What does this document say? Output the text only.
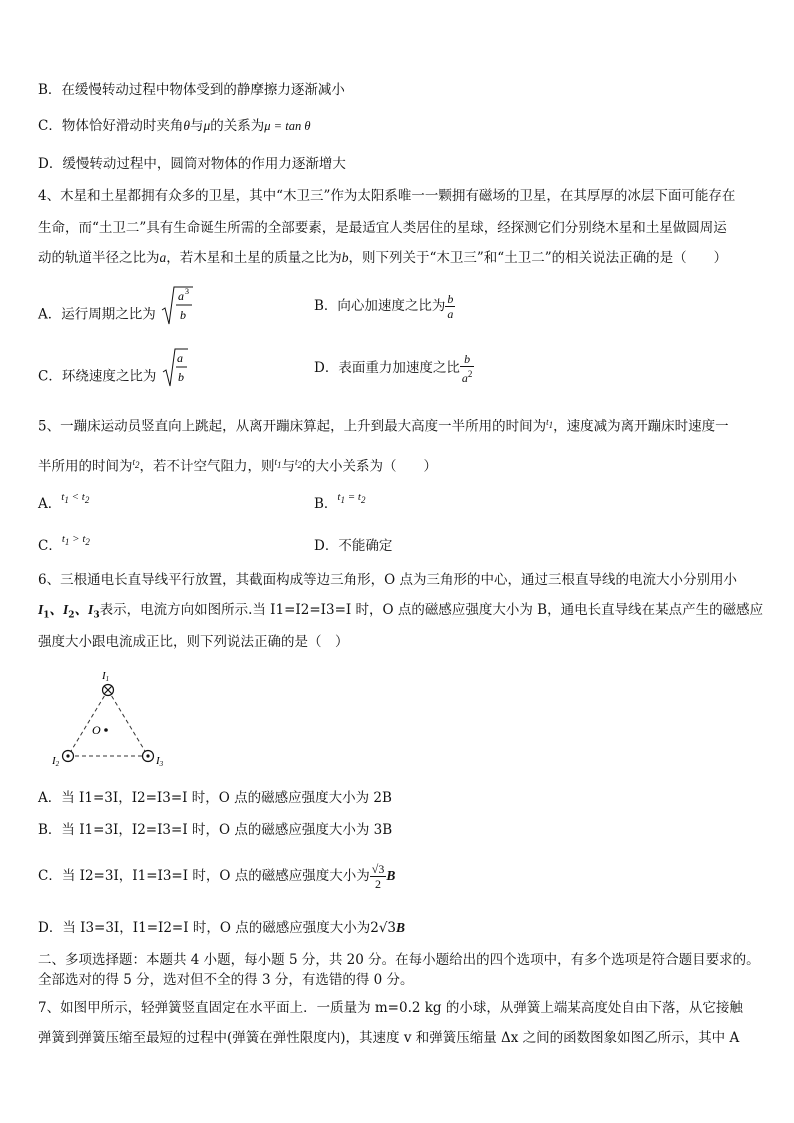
B．在缓慢转动过程中物体受到的静摩擦力逐渐减小
C．物体恰好滑动时夹角θ与μ的关系为μ = tan θ
D．缓慢转动过程中，圆筒对物体的作用力逐渐增大
4、木星和土星都拥有众多的卫星，其中“木卫三”作为太阳系唯一一颗拥有磁场的卫星，在其厚厚的冰层下面可能存在
生命，而“土卫二”具有生命诞生所需的全部要素，是最适宜人类居住的星球，经探测它们分别绕木星和土星做圆周运
动的轨道半径之比为a，若木星和土星的质量之比为b，则下列关于“木卫三”和“土卫二”的相关说法正确的是（　　）
A．运行周期之比为
a 3
b
B．向心加速度之比为 $\frac{b}{a}$
C．环绕速度之比为
a
b
D．表面重力加速度之比 $\frac{b}{a^2}$
5、一蹦床运动员竖直向上跳起，从离开蹦床算起，上升到最大高度一半所用的时间为$^{t_1}$，速度减为离开蹦床时速度一
半所用的时间为$^{t_2}$，若不计空气阻力，则$^{t_1}$与$^{t_2}$的大小关系为（　　）
A．$^{t_1 < t_2}$	B．$^{t_1 = t_2}$
C．$^{t_1 > t_2}$	D．不能确定
6、三根通电长直导线平行放置，其截面构成等边三角形，O 点为三角形的中心，通过三根直导线的电流大小分别用小
$I_1$、$I_2$、$I_3$表示，电流方向如图所示.当 I1=I2=I3=I 时，O 点的磁感应强度大小为 B，通电长直导线在某点产生的磁感应
强度大小跟电流成正比，则下列说法正确的是（　）
O
I1
I2	I3
A．当 I1=3I，I2=I3=I 时，O 点的磁感应强度大小为 2B
B．当 I1=3I，I2=I3=I 时，O 点的磁感应强度大小为 3B
C．当 I2=3I，I1=I3=I 时，O 点的磁感应强度大小为 $\frac{√3}{2}$ B
D．当 I3=3I，I1=I2=I 时，O 点的磁感应强度大小为2√3B
二、多项选择题：本题共 4 小题，每小题 5 分，共 20 分。在每小题给出的四个选项中，有多个选项是符合题目要求的。
全部选对的得 5 分，选对但不全的得 3 分，有选错的得 0 分。
7、如图甲所示，轻弹簧竖直固定在水平面上．一质量为 m=0.2 kg 的小球，从弹簧上端某高度处自由下落，从它接触
弹簧到弹簧压缩至最短的过程中(弹簧在弹性限度内)，其速度 v 和弹簧压缩量 Δx 之间的函数图象如图乙所示，其中 A
